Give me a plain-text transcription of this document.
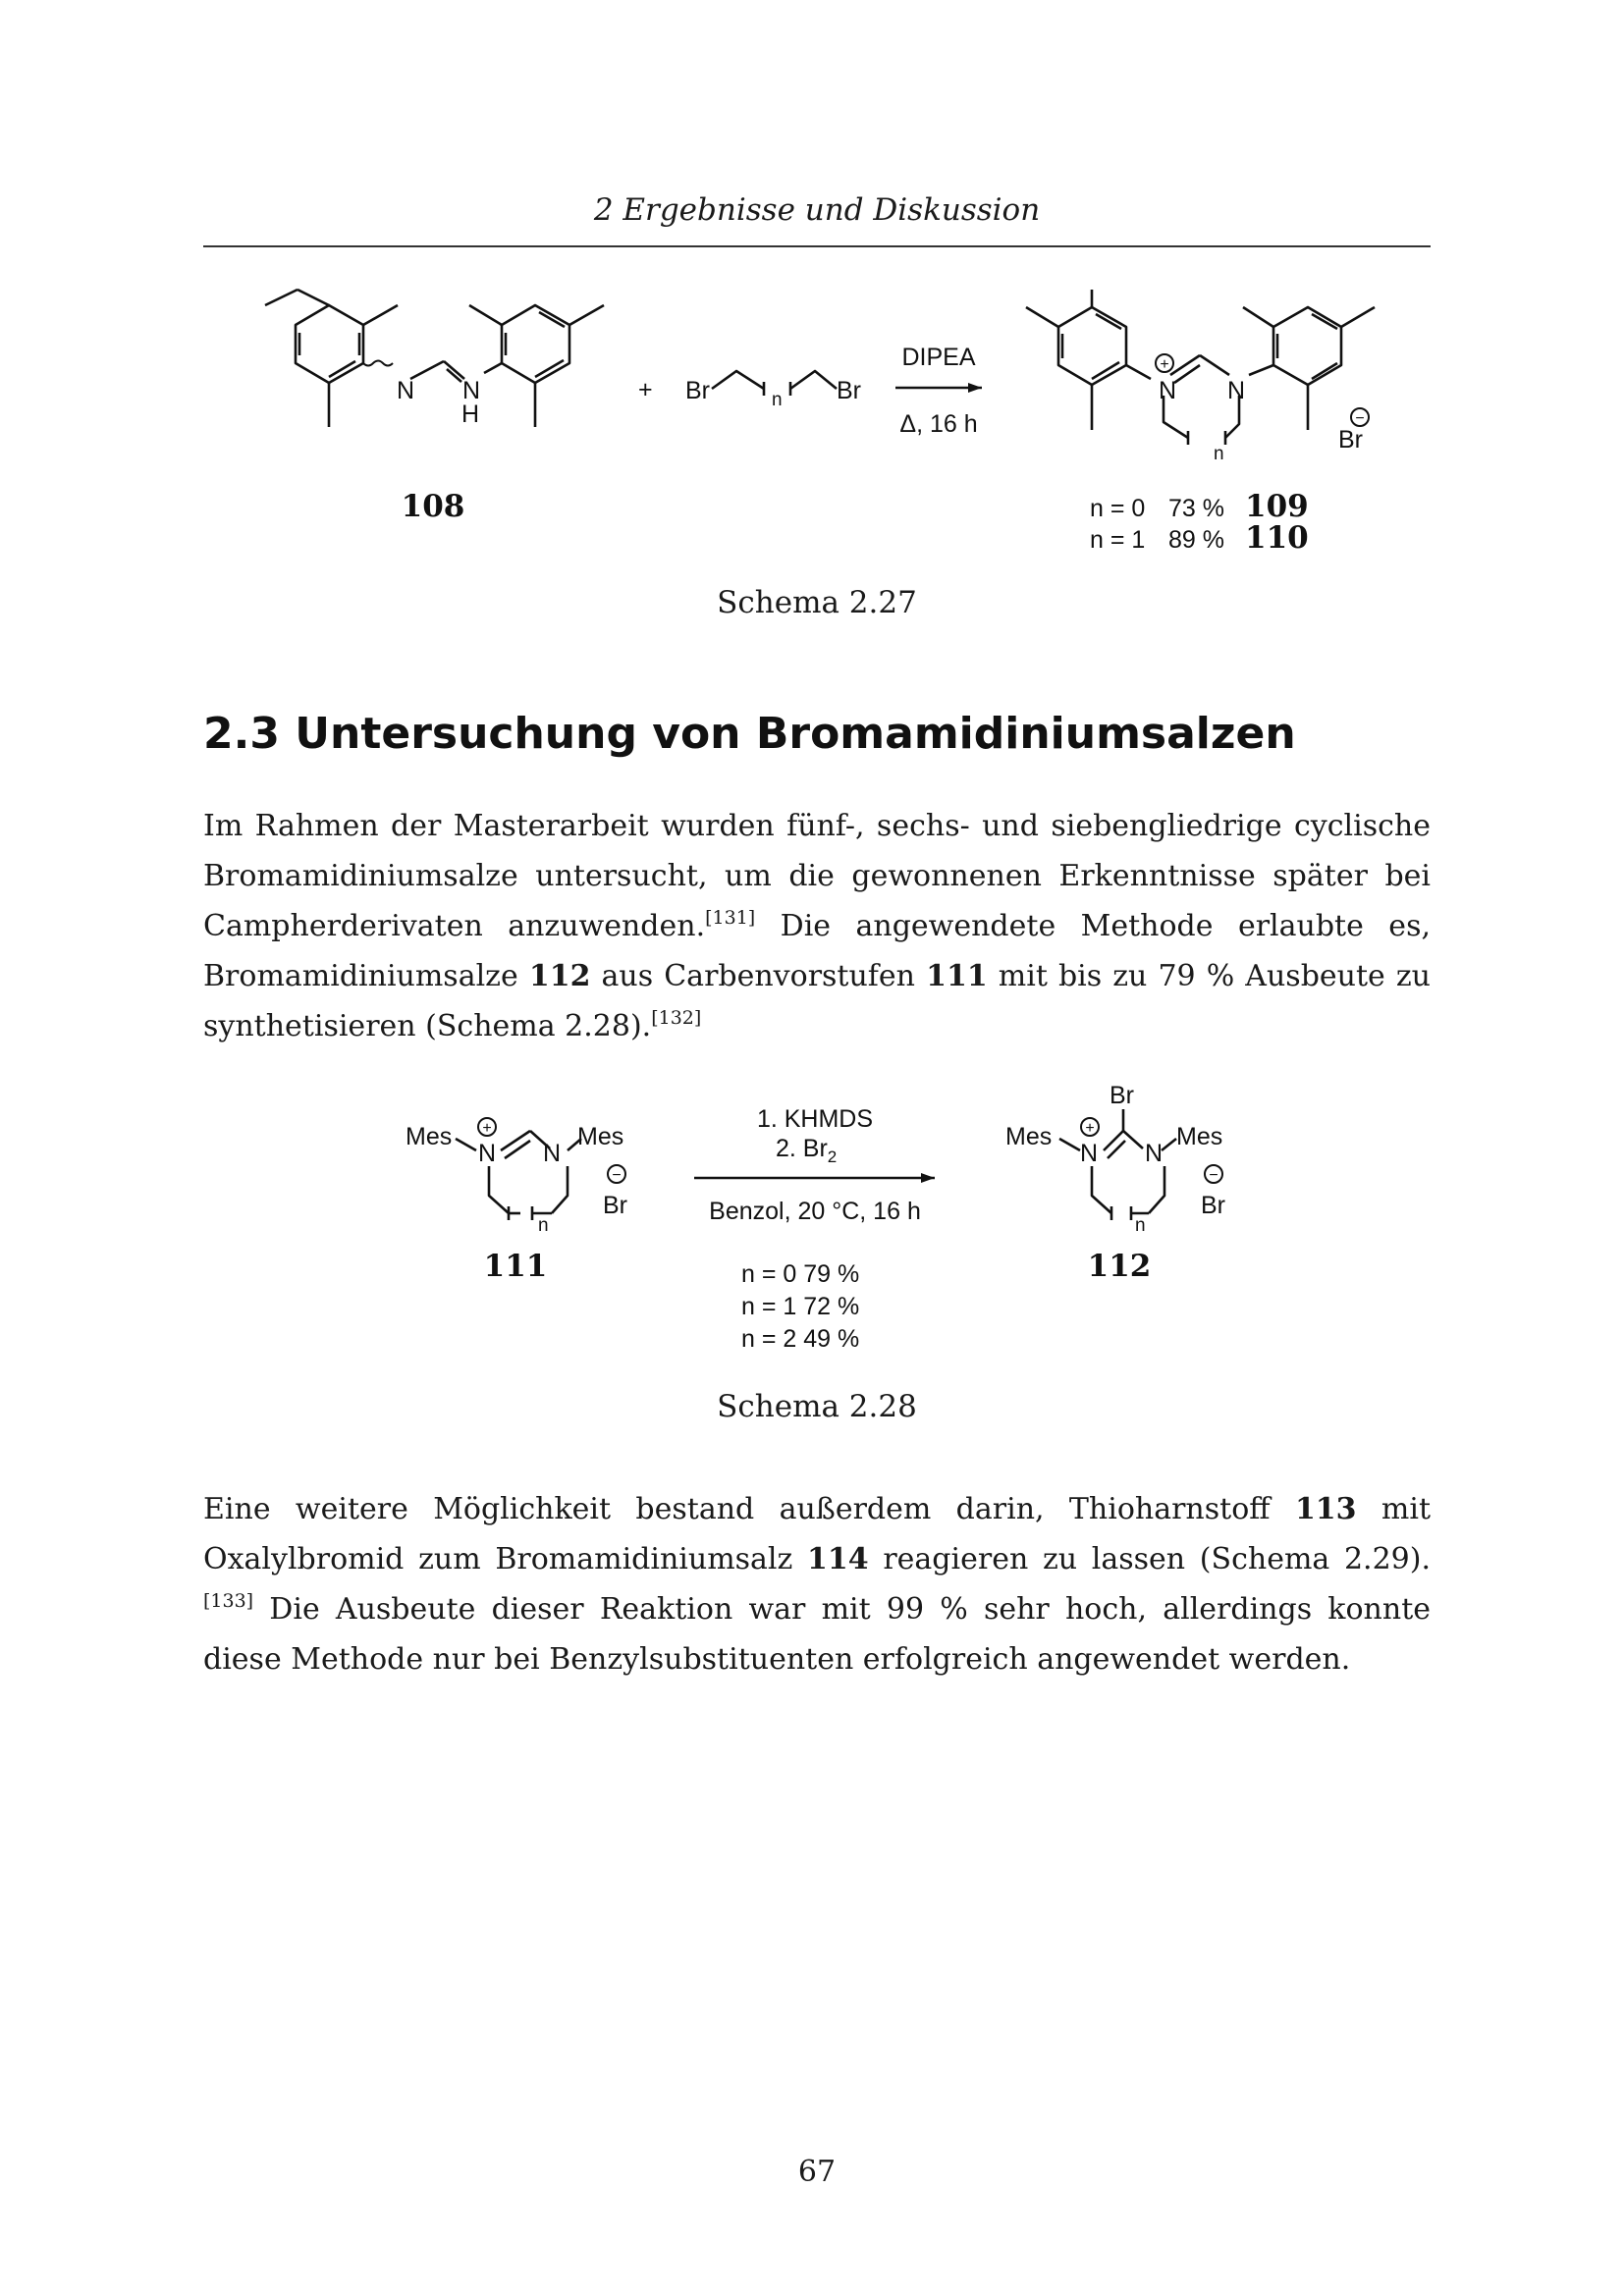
2 Ergebnisse und Diskussion
N N
H
+ Br	n Br
DIPEA
Δ, 16 h
N N
+
n
−
Br
108	n = 0 73 % 109
n = 1 89 % 110
Mes
N N
Mes
+
−
Br
n
111
1. KHMDS
2. $Br_2$
Benzol, 20 °C, 16 h
n = 0 79 %
n = 1 72 %
n = 2 49 %
Br
Mes
N N
Mes
+
−
Br
n
112
Schema 2.27
2.3 Untersuchung von Bromamidiniumsalzen

Im Rahmen der Masterarbeit wurden fünf-, sechs- und siebengliedrige cyclische Bromamidiniumsalze untersucht, um die gewonnenen Erkenntnisse später bei Campherderivaten anzuwenden.[131] Die angewendete Methode erlaubte es, Bromamidiniumsalze 112 aus Carbenvorstufen 111 mit bis zu 79 % Ausbeute zu synthetisieren (Schema 2.28).[132]

Schema 2.28

Eine weitere Möglichkeit bestand außerdem darin, Thioharnstoff 113 mit Oxalylbromid zum Bromamidiniumsalz 114 reagieren zu lassen (Schema 2.29).[133] Die Ausbeute dieser Reaktion war mit 99 % sehr hoch, allerdings konnte diese Methode nur bei Benzylsubstituenten erfolgreich angewendet werden.

67
